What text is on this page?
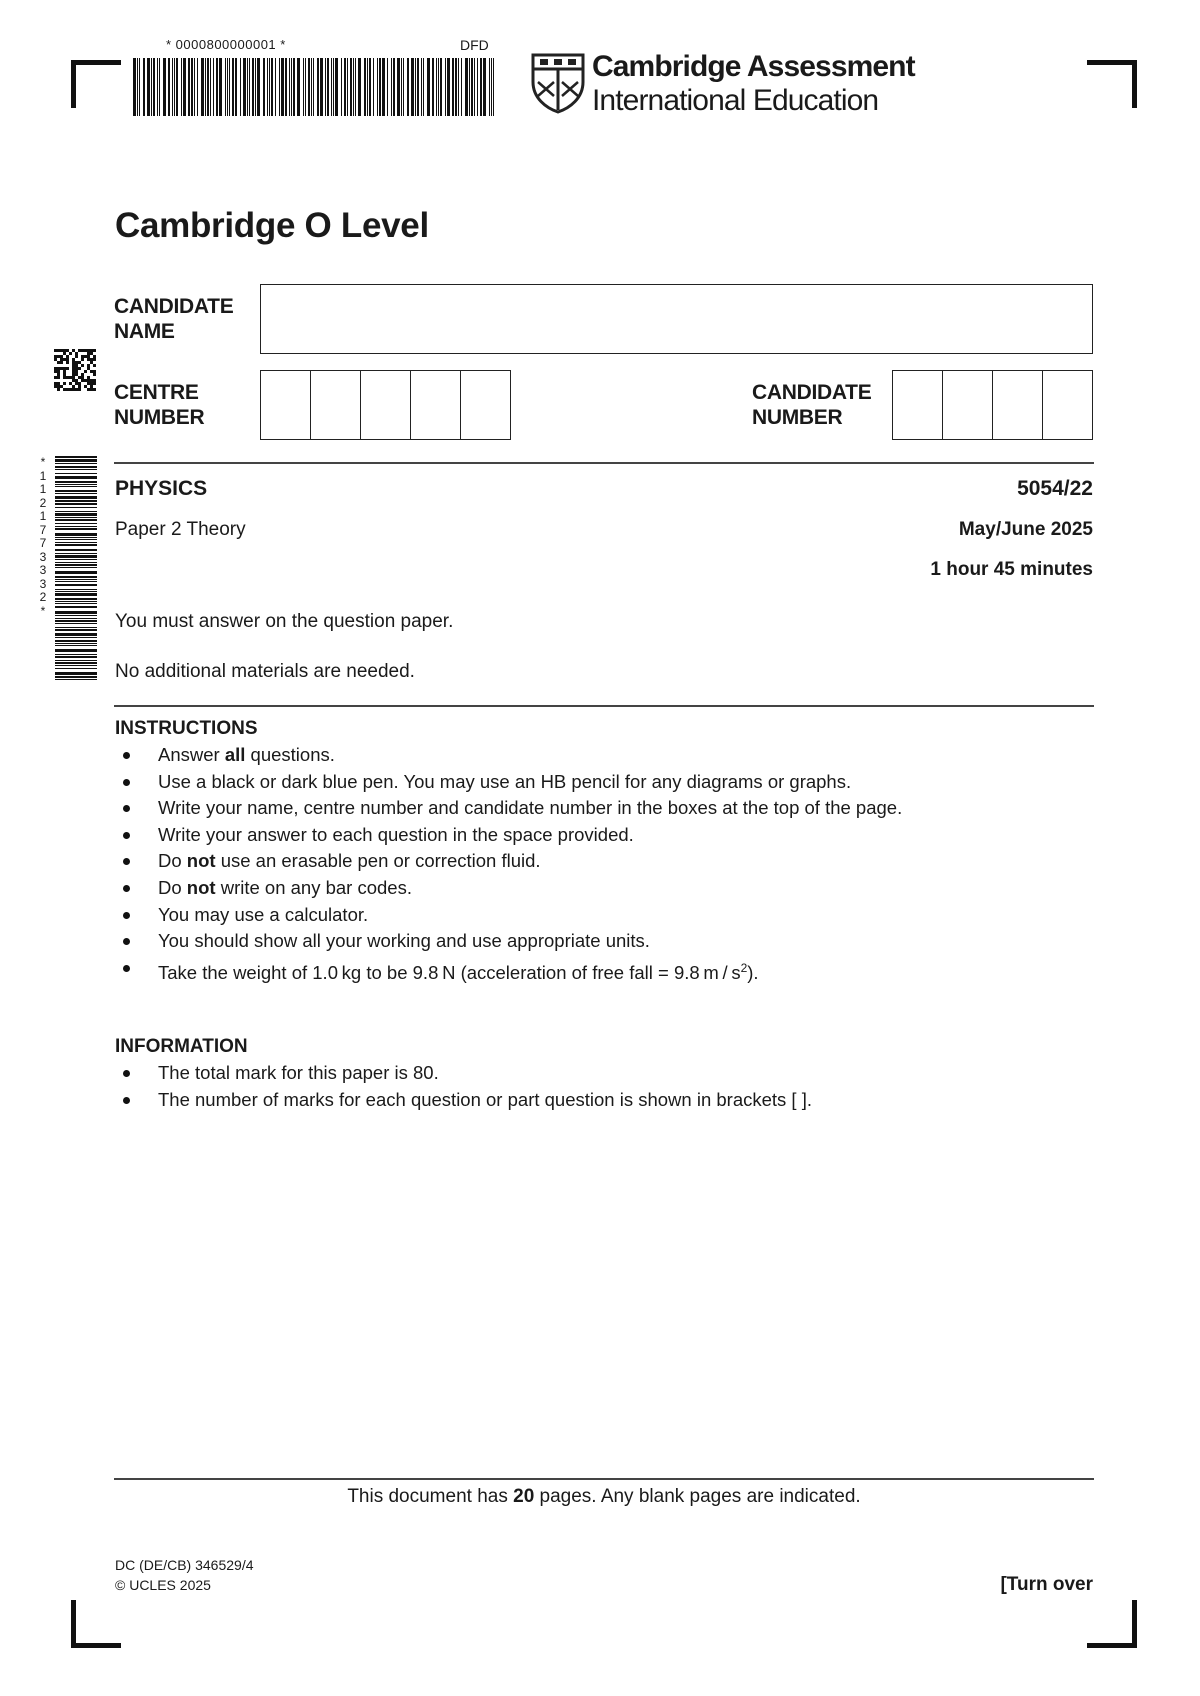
* 0000800000001 *	DFD
Cambridge Assessment
International Education
Cambridge O Level
CANDIDATE
NAME
CENTRE
NUMBER
CANDIDATE
NUMBER
* 1 1 2 1 7 7 3 3 3 2 *
PHYSICS	5054/22
Paper 2 Theory	May/June 2025
1 hour 45 minutes
You must answer on the question paper.
No additional materials are needed.
INSTRUCTIONS
Answer all questions.
Use a black or dark blue pen. You may use an HB pencil for any diagrams or graphs.
Write your name, centre number and candidate number in the boxes at the top of the page.
Write your answer to each question in the space provided.
Do not use an erasable pen or correction fluid.
Do not write on any bar codes.
You may use a calculator.
You should show all your working and use appropriate units.
Take the weight of 1.0 kg to be 9.8 N (acceleration of free fall = 9.8 m / $s^2$).
INFORMATION
The total mark for this paper is 80.
The number of marks for each question or part question is shown in brackets [ ].
This document has 20 pages. Any blank pages are indicated.
DC (DE/CB) 346529/4
© UCLES 2025	[Turn over
